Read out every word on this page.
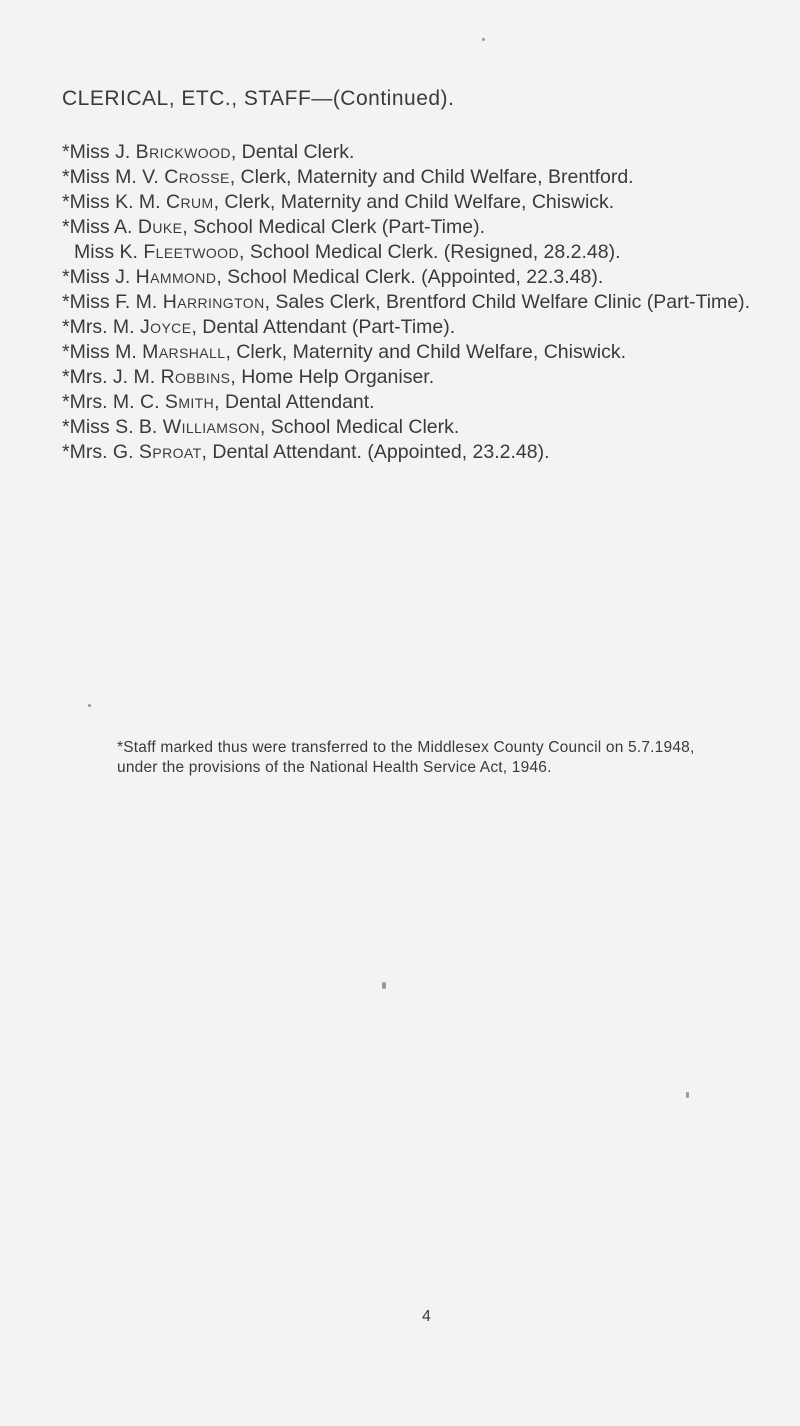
CLERICAL, ETC., STAFF—(Continued).
*Miss J. Brickwood, Dental Clerk.
*Miss M. V. Crosse, Clerk, Maternity and Child Welfare, Brentford.
*Miss K. M. Crum, Clerk, Maternity and Child Welfare, Chiswick.
*Miss A. Duke, School Medical Clerk (Part-Time).
Miss K. Fleetwood, School Medical Clerk. (Resigned, 28.2.48).
*Miss J. Hammond, School Medical Clerk. (Appointed, 22.3.48).
*Miss F. M. Harrington, Sales Clerk, Brentford Child Welfare Clinic (Part-Time).
*Mrs. M. Joyce, Dental Attendant (Part-Time).
*Miss M. Marshall, Clerk, Maternity and Child Welfare, Chiswick.
*Mrs. J. M. Robbins, Home Help Organiser.
*Mrs. M. C. Smith, Dental Attendant.
*Miss S. B. Williamson, School Medical Clerk.
*Mrs. G. Sproat, Dental Attendant. (Appointed, 23.2.48).
*Staff marked thus were transferred to the Middlesex County Council on 5.7.1948, under the provisions of the National Health Service Act, 1946.
4
